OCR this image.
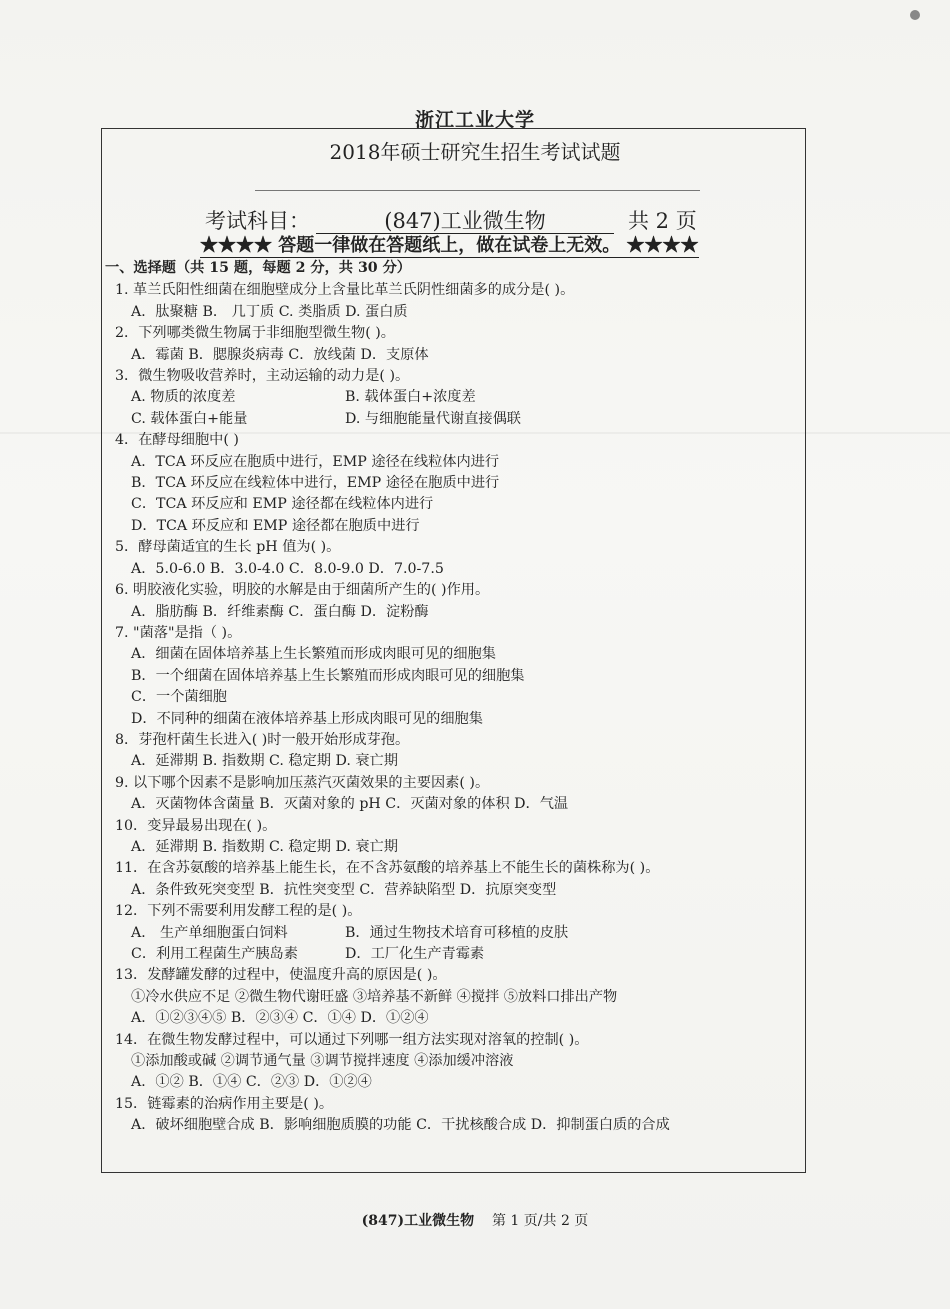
浙江工业大学
2018年硕士研究生招生考试试题
考试科目：	(847)工业微生物	共 2 页
★★★★ 答题一律做在答题纸上，做在试卷上无效。 ★★★★
一、选择题（共 15 题，每题 2 分，共 30 分）
1. 革兰氏阳性细菌在细胞壁成分上含量比革兰氏阴性细菌多的成分是( )。
A．肽聚糖 B． 几丁质 C. 类脂质 D. 蛋白质
2．下列哪类微生物属于非细胞型微生物( )。
A．霉菌 B．腮腺炎病毒 C．放线菌 D．支原体
3．微生物吸收营养时，主动运输的动力是( )。
A. 物质的浓度差	B. 载体蛋白+浓度差
C. 载体蛋白+能量	D. 与细胞能量代谢直接偶联
4．在酵母细胞中( )
A．TCA 环反应在胞质中进行，EMP 途径在线粒体内进行
B．TCA 环反应在线粒体中进行，EMP 途径在胞质中进行
C．TCA 环反应和 EMP 途径都在线粒体内进行
D．TCA 环反应和 EMP 途径都在胞质中进行
5．酵母菌适宜的生长 pH 值为( )。
A．5.0-6.0 B．3.0-4.0 C．8.0-9.0 D．7.0-7.5
6. 明胶液化实验，明胶的水解是由于细菌所产生的( )作用。
A．脂肪酶 B．纤维素酶 C．蛋白酶 D．淀粉酶
7. "菌落"是指（ )。
A．细菌在固体培养基上生长繁殖而形成肉眼可见的细胞集
B．一个细菌在固体培养基上生长繁殖而形成肉眼可见的细胞集
C．一个菌细胞
D．不同种的细菌在液体培养基上形成肉眼可见的细胞集
8．芽孢杆菌生长进入( )时一般开始形成芽孢。
A．延滞期 B. 指数期 C. 稳定期 D. 衰亡期
9. 以下哪个因素不是影响加压蒸汽灭菌效果的主要因素( )。
A．灭菌物体含菌量 B．灭菌对象的 pH C．灭菌对象的体积 D．气温
10．变异最易出现在( )。
A．延滞期 B. 指数期 C. 稳定期 D. 衰亡期
11．在含苏氨酸的培养基上能生长，在不含苏氨酸的培养基上不能生长的菌株称为( )。
A．条件致死突变型 B．抗性突变型 C．营养缺陷型 D．抗原突变型
12．下列不需要利用发酵工程的是( )。
A． 生产单细胞蛋白饲料	B．通过生物技术培育可移植的皮肤
C．利用工程菌生产胰岛素	D．工厂化生产青霉素
13．发酵罐发酵的过程中，使温度升高的原因是( )。
①冷水供应不足 ②微生物代谢旺盛 ③培养基不新鲜 ④搅拌 ⑤放料口排出产物
A．①②③④⑤ B．②③④ C．①④ D．①②④
14．在微生物发酵过程中，可以通过下列哪一组方法实现对溶氧的控制( )。
①添加酸或碱 ②调节通气量 ③调节搅拌速度 ④添加缓冲溶液
A．①② B．①④ C．②③ D．①②④
15．链霉素的治病作用主要是( )。
A．破坏细胞壁合成 B．影响细胞质膜的功能 C．干扰核酸合成 D．抑制蛋白质的合成
(847)工业微生物 第 1 页/共 2 页
